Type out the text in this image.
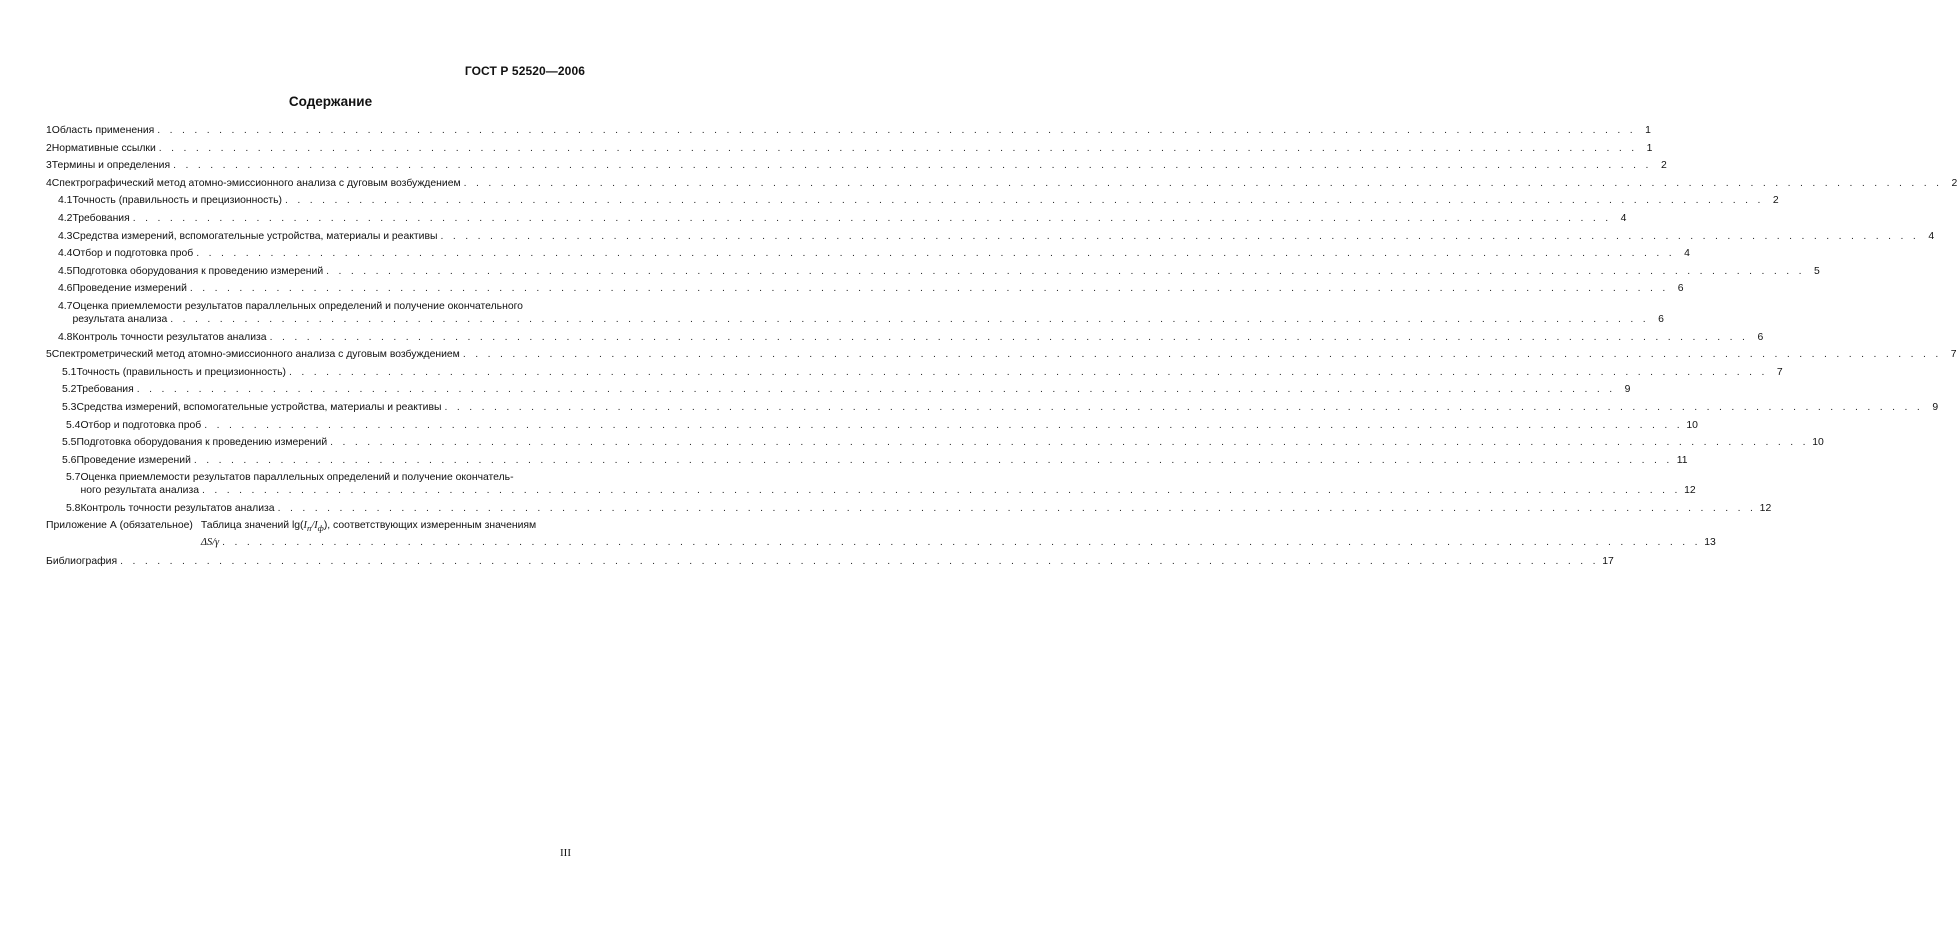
ГОСТ Р 52520—2006
Содержание
1 Область применения . . . . . . . . . . . . . . . . . . . . . . . . . . . . . . . . . . . . . . . . . . . . . . . . . . . . . . . . . . . . . . . . . . . . . . . . . . . . . . . . . . . . . . . . . . . . . . . . . . . . . . . . . . . . . . . . . . . . . . . . 1
2 Нормативные ссылки . . . . . . . . . . . . . . . . . . . . . . . . . . . . . . . . . . . . . . . . . . . . . . . . . . . . . . . . . . . . . . . . . . . . . . . . . . . . . . . . . . . . . . . . . . . . . . . . . . . . . . . . . . . . . . . . . . . . . . . . 1
3 Термины и определения . . . . . . . . . . . . . . . . . . . . . . . . . . . . . . . . . . . . . . . . . . . . . . . . . . . . . . . . . . . . . . . . . . . . . . . . . . . . . . . . . . . . . . . . . . . . . . . . . . . . . . . . . . . . . . . . . . . . . . . . 2
4 Спектрографический метод атомно-эмиссионного анализа с дуговым возбуждением . . . . . . . . . . . . . . . . . . . . . . . . . . . . . . . . . . . . . . . . . . . . . . . . . . . . . . . . . . . . . . . . . . . . . . . . . . . . . . . . . . . . . . . . . . . . . . . . . . . . . . . . . . . . . . . . . . . . . . . . 2
4.1 Точность (правильность и прецизионность) . . . . . . . . . . . . . . . . . . . . . . . . . . . . . . . . . . . . . . . . . . . . . . . . . . . . . . . . . . . . . . . . . . . . . . . . . . . . . . . . . . . . . . . . . . . . . . . . . . . . . . . . . . . . . . . . . . . . . . . . 2
4.2 Требования . . . . . . . . . . . . . . . . . . . . . . . . . . . . . . . . . . . . . . . . . . . . . . . . . . . . . . . . . . . . . . . . . . . . . . . . . . . . . . . . . . . . . . . . . . . . . . . . . . . . . . . . . . . . . . . . . . . . . . . . 4
4.3 Средства измерений, вспомогательные устройства, материалы и реактивы . . . . . . . . . . . . . . . . . . . . . . . . . . . . . . . . . . . . . . . . . . . . . . . . . . . . . . . . . . . . . . . . . . . . . . . . . . . . . . . . . . . . . . . . . . . . . . . . . . . . . . . . . . . . . . . . . . . . . . . . 4
4.4 Отбор и подготовка проб . . . . . . . . . . . . . . . . . . . . . . . . . . . . . . . . . . . . . . . . . . . . . . . . . . . . . . . . . . . . . . . . . . . . . . . . . . . . . . . . . . . . . . . . . . . . . . . . . . . . . . . . . . . . . . . . . . . . . . . . 4
4.5 Подготовка оборудования к проведению измерений . . . . . . . . . . . . . . . . . . . . . . . . . . . . . . . . . . . . . . . . . . . . . . . . . . . . . . . . . . . . . . . . . . . . . . . . . . . . . . . . . . . . . . . . . . . . . . . . . . . . . . . . . . . . . . . . . . . . . . . . 5
4.6 Проведение измерений . . . . . . . . . . . . . . . . . . . . . . . . . . . . . . . . . . . . . . . . . . . . . . . . . . . . . . . . . . . . . . . . . . . . . . . . . . . . . . . . . . . . . . . . . . . . . . . . . . . . . . . . . . . . . . . . . . . . . . . . 6
4.7 Оценка приемлемости результатов параллельных определений и получение окончательного
результата анализа . . . . . . . . . . . . . . . . . . . . . . . . . . . . . . . . . . . . . . . . . . . . . . . . . . . . . . . . . . . . . . . . . . . . . . . . . . . . . . . . . . . . . . . . . . . . . . . . . . . . . . . . . . . . . . . . . . . . . . . . 6
4.8 Контроль точности результатов анализа . . . . . . . . . . . . . . . . . . . . . . . . . . . . . . . . . . . . . . . . . . . . . . . . . . . . . . . . . . . . . . . . . . . . . . . . . . . . . . . . . . . . . . . . . . . . . . . . . . . . . . . . . . . . . . . . . . . . . . . . 6
5 Спектрометрический метод атомно-эмиссионного анализа с дуговым возбуждением . . . . . . . . . . . . . . . . . . . . . . . . . . . . . . . . . . . . . . . . . . . . . . . . . . . . . . . . . . . . . . . . . . . . . . . . . . . . . . . . . . . . . . . . . . . . . . . . . . . . . . . . . . . . . . . . . . . . . . . . 7
5.1 Точность (правильность и прецизионность) . . . . . . . . . . . . . . . . . . . . . . . . . . . . . . . . . . . . . . . . . . . . . . . . . . . . . . . . . . . . . . . . . . . . . . . . . . . . . . . . . . . . . . . . . . . . . . . . . . . . . . . . . . . . . . . . . . . . . . . . 7
5.2 Требования . . . . . . . . . . . . . . . . . . . . . . . . . . . . . . . . . . . . . . . . . . . . . . . . . . . . . . . . . . . . . . . . . . . . . . . . . . . . . . . . . . . . . . . . . . . . . . . . . . . . . . . . . . . . . . . . . . . . . . . . 9
5.3 Средства измерений, вспомогательные устройства, материалы и реактивы . . . . . . . . . . . . . . . . . . . . . . . . . . . . . . . . . . . . . . . . . . . . . . . . . . . . . . . . . . . . . . . . . . . . . . . . . . . . . . . . . . . . . . . . . . . . . . . . . . . . . . . . . . . . . . . . . . . . . . . . 9
5.4 Отбор и подготовка проб . . . . . . . . . . . . . . . . . . . . . . . . . . . . . . . . . . . . . . . . . . . . . . . . . . . . . . . . . . . . . . . . . . . . . . . . . . . . . . . . . . . . . . . . . . . . . . . . . . . . . . . . . . . . . . . . . . . . . . . . 10
5.5 Подготовка оборудования к проведению измерений . . . . . . . . . . . . . . . . . . . . . . . . . . . . . . . . . . . . . . . . . . . . . . . . . . . . . . . . . . . . . . . . . . . . . . . . . . . . . . . . . . . . . . . . . . . . . . . . . . . . . . . . . . . . . . . . . . . . . . . . 10
5.6 Проведение измерений . . . . . . . . . . . . . . . . . . . . . . . . . . . . . . . . . . . . . . . . . . . . . . . . . . . . . . . . . . . . . . . . . . . . . . . . . . . . . . . . . . . . . . . . . . . . . . . . . . . . . . . . . . . . . . . . . . . . . . . . 11
5.7 Оценка приемлемости результатов параллельных определений и получение окончатель-
ного результата анализа . . . . . . . . . . . . . . . . . . . . . . . . . . . . . . . . . . . . . . . . . . . . . . . . . . . . . . . . . . . . . . . . . . . . . . . . . . . . . . . . . . . . . . . . . . . . . . . . . . . . . . . . . . . . . . . . . . . . . . . . 12
5.8 Контроль точности результатов анализа . . . . . . . . . . . . . . . . . . . . . . . . . . . . . . . . . . . . . . . . . . . . . . . . . . . . . . . . . . . . . . . . . . . . . . . . . . . . . . . . . . . . . . . . . . . . . . . . . . . . . . . . . . . . . . . . . . . . . . . . 12
Приложение А (обязательное) Таблица значений $\lg(I_n/I_ф)$, соответствующих измеренным значениям
ΔS/γ . . . . . . . . . . . . . . . . . . . . . . . . . . . . . . . . . . . . . . . . . . . . . . . . . . . . . . . . . . . . . . . . . . . . . . . . . . . . . . . . . . . . . . . . . . . . . . . . . . . . . . . . . . . . . . . . . . . . . . . . 13
Библиография . . . . . . . . . . . . . . . . . . . . . . . . . . . . . . . . . . . . . . . . . . . . . . . . . . . . . . . . . . . . . . . . . . . . . . . . . . . . . . . . . . . . . . . . . . . . . . . . . . . . . . . . . . . . . . . . . . . . . . . . 17
III
